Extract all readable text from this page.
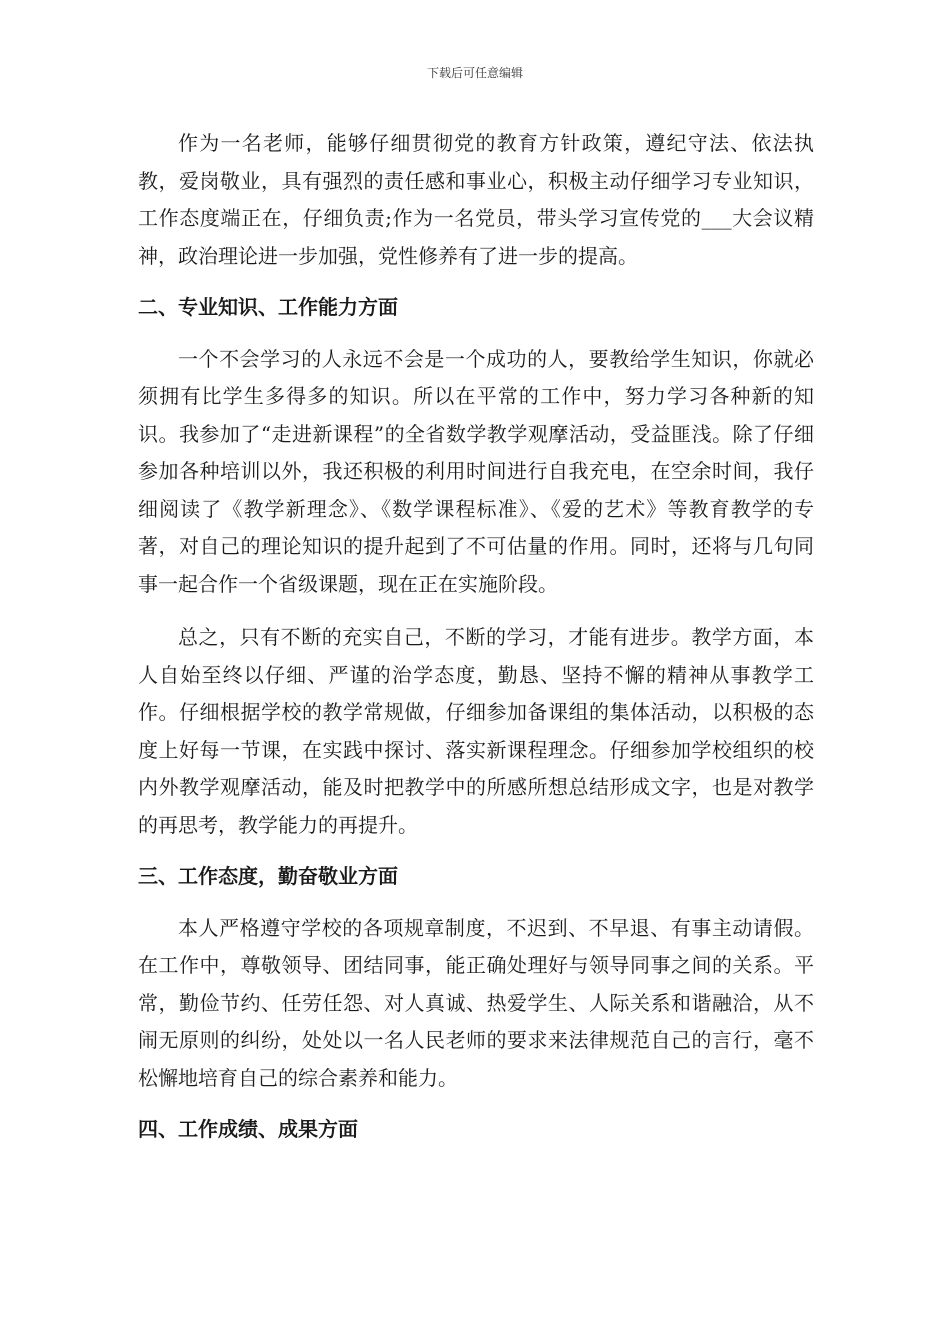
下载后可任意编辑

作为一名老师，能够仔细贯彻党的教育方针政策，遵纪守法、依法执教，爱岗敬业，具有强烈的责任感和事业心，积极主动仔细学习专业知识，工作态度端正在，仔细负责;作为一名党员，带头学习宣传党的___大会议精神，政治理论进一步加强，党性修养有了进一步的提高。

二、专业知识、工作能力方面

一个不会学习的人永远不会是一个成功的人，要教给学生知识，你就必须拥有比学生多得多的知识。所以在平常的工作中，努力学习各种新的知识。我参加了“走进新课程”的全省数学教学观摩活动，受益匪浅。除了仔细参加各种培训以外，我还积极的利用时间进行自我充电，在空余时间，我仔细阅读了《教学新理念》、《数学课程标准》、《爱的艺术》等教育教学的专著，对自己的理论知识的提升起到了不可估量的作用。同时，还将与几句同事一起合作一个省级课题，现在正在实施阶段。

总之，只有不断的充实自己，不断的学习，才能有进步。教学方面，本人自始至终以仔细、严谨的治学态度，勤恳、坚持不懈的精神从事教学工作。仔细根据学校的教学常规做，仔细参加备课组的集体活动，以积极的态度上好每一节课，在实践中探讨、落实新课程理念。仔细参加学校组织的校内外教学观摩活动，能及时把教学中的所感所想总结形成文字，也是对教学的再思考，教学能力的再提升。

三、工作态度，勤奋敬业方面

本人严格遵守学校的各项规章制度，不迟到、不早退、有事主动请假。在工作中，尊敬领导、团结同事，能正确处理好与领导同事之间的关系。平常，勤俭节约、任劳任怨、对人真诚、热爱学生、人际关系和谐融洽，从不闹无原则的纠纷，处处以一名人民老师的要求来法律规范自己的言行，毫不松懈地培育自己的综合素养和能力。

四、工作成绩、成果方面
